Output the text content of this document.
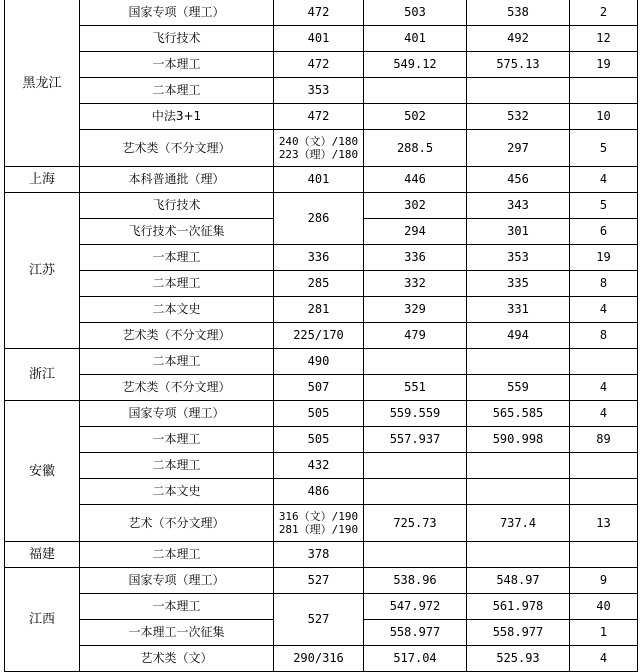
黑龙江	国家专项（理工）	472	503	538	2
	飞行技术	401	401	492	12
	一本理工	472	549.12	575.13	19
	二本理工	353			
	中法3+1	472	502	532	10
	艺术类（不分文理）	240（文）/180
223（理）/180	288.5	297	5
上海	本科普通批（理）	401	446	456	4
江苏	飞行技术	286	302	343	5
	飞行技术一次征集		294	301	6
	一本理工	336	336	353	19
	二本理工	285	332	335	8
	二本文史	281	329	331	4
	艺术类（不分文理）	225/170	479	494	8
浙江	二本理工	490			
	艺术类（不分文理）	507	551	559	4
安徽	国家专项（理工）	505	559.559	565.585	4
	一本理工	505	557.937	590.998	89
	二本理工	432			
	二本文史	486			
	艺术（不分文理）	316（文）/190
281（理）/190	725.73	737.4	13
福建	二本理工	378			
江西	国家专项（理工）	527	538.96	548.97	9
	一本理工	527	547.972	561.978	40
	一本理工一次征集		558.977	558.977	1
	艺术类（文）	290/316	517.04	525.93	4
